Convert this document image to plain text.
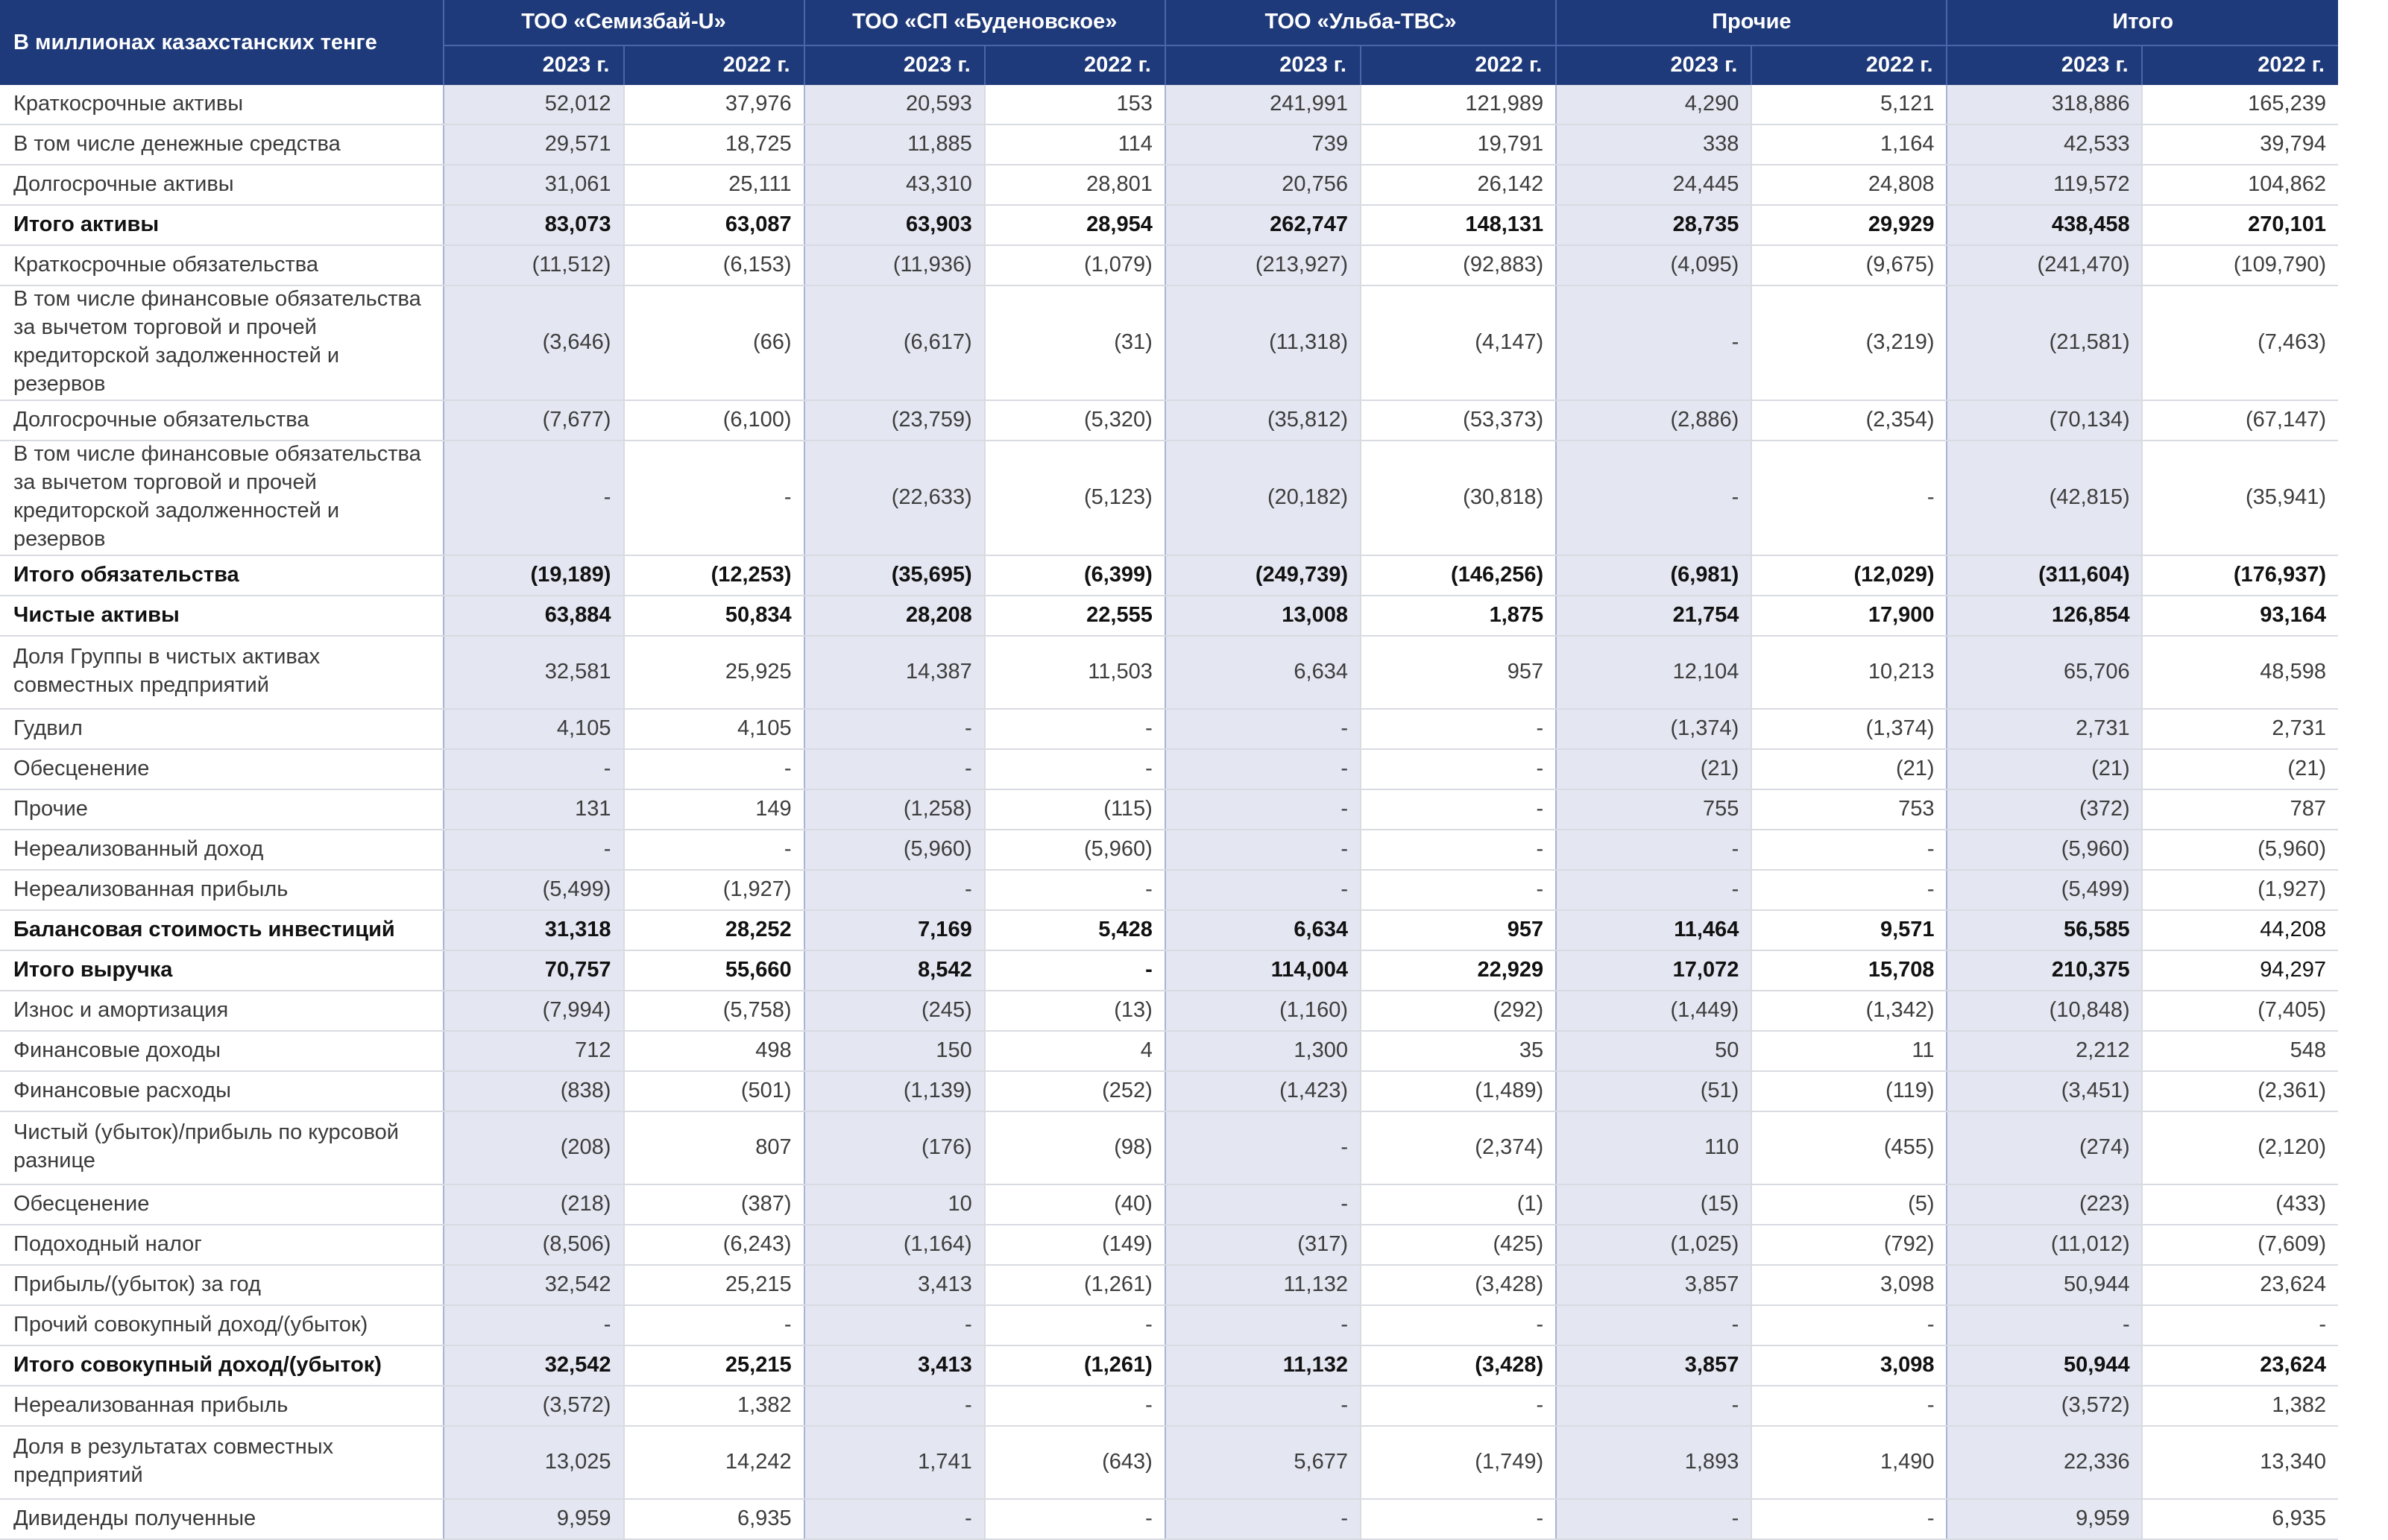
В миллионах казахстанских тенге	ТОО «Семизбай-U»		ТОО «СП «Буденовское»		ТОО «Ульба-ТВС»		Прочие		Итого	
	2023 г.	2022 г.	2023 г.	2022 г.	2023 г.	2022 г.	2023 г.	2022 г.	2023 г.	2022 г.
Краткосрочные активы	52,012	37,976	20,593	153	241,991	121,989	4,290	5,121	318,886	165,239
В том числе денежные средства	29,571	18,725	11,885	114	739	19,791	338	1,164	42,533	39,794
Долгосрочные активы	31,061	25,111	43,310	28,801	20,756	26,142	24,445	24,808	119,572	104,862
Итого активы	83,073	63,087	63,903	28,954	262,747	148,131	28,735	29,929	438,458	270,101
Краткосрочные обязательства	(11,512)	(6,153)	(11,936)	(1,079)	(213,927)	(92,883)	(4,095)	(9,675)	(241,470)	(109,790)
В том числе финансовые обязательства за вычетом торговой и прочей кредиторской задолженностей и резервов	(3,646)	(66)	(6,617)	(31)	(11,318)	(4,147)	-	(3,219)	(21,581)	(7,463)
Долгосрочные обязательства	(7,677)	(6,100)	(23,759)	(5,320)	(35,812)	(53,373)	(2,886)	(2,354)	(70,134)	(67,147)
В том числе финансовые обязательства за вычетом торговой и прочей кредиторской задолженностей и резервов	-	-	(22,633)	(5,123)	(20,182)	(30,818)	-	-	(42,815)	(35,941)
Итого обязательства	(19,189)	(12,253)	(35,695)	(6,399)	(249,739)	(146,256)	(6,981)	(12,029)	(311,604)	(176,937)
Чистые активы	63,884	50,834	28,208	22,555	13,008	1,875	21,754	17,900	126,854	93,164
Доля Группы в чистых активах совместных предприятий	32,581	25,925	14,387	11,503	6,634	957	12,104	10,213	65,706	48,598
Гудвил	4,105	4,105	-	-	-	-	(1,374)	(1,374)	2,731	2,731
Обесценение	-	-	-	-	-	-	(21)	(21)	(21)	(21)
Прочие	131	149	(1,258)	(115)	-	-	755	753	(372)	787
Нереализованный доход	-	-	(5,960)	(5,960)	-	-	-	-	(5,960)	(5,960)
Нереализованная прибыль	(5,499)	(1,927)	-	-	-	-	-	-	(5,499)	(1,927)
Балансовая стоимость инвестиций	31,318	28,252	7,169	5,428	6,634	957	11,464	9,571	56,585	44,208
Итого выручка	70,757	55,660	8,542	-	114,004	22,929	17,072	15,708	210,375	94,297
Износ и амортизация	(7,994)	(5,758)	(245)	(13)	(1,160)	(292)	(1,449)	(1,342)	(10,848)	(7,405)
Финансовые доходы	712	498	150	4	1,300	35	50	11	2,212	548
Финансовые расходы	(838)	(501)	(1,139)	(252)	(1,423)	(1,489)	(51)	(119)	(3,451)	(2,361)
Чистый (убыток)/прибыль по курсовой разнице	(208)	807	(176)	(98)	-	(2,374)	110	(455)	(274)	(2,120)
Обесценение	(218)	(387)	10	(40)	-	(1)	(15)	(5)	(223)	(433)
Подоходный налог	(8,506)	(6,243)	(1,164)	(149)	(317)	(425)	(1,025)	(792)	(11,012)	(7,609)
Прибыль/(убыток) за год	32,542	25,215	3,413	(1,261)	11,132	(3,428)	3,857	3,098	50,944	23,624
Прочий совокупный доход/(убыток)	-	-	-	-	-	-	-	-	-	-
Итого совокупный доход/(убыток)	32,542	25,215	3,413	(1,261)	11,132	(3,428)	3,857	3,098	50,944	23,624
Нереализованная прибыль	(3,572)	1,382	-	-	-	-	-	-	(3,572)	1,382
Доля в результатах совместных предприятий	13,025	14,242	1,741	(643)	5,677	(1,749)	1,893	1,490	22,336	13,340
Дивиденды полученные	9,959	6,935	-	-	-	-	-	-	9,959	6,935
